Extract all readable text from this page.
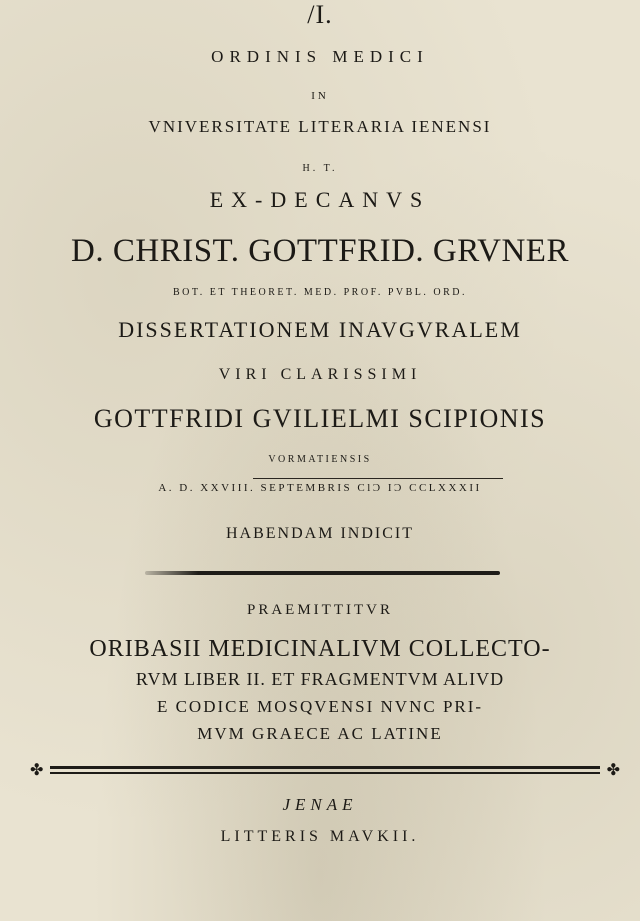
/I.
ORDINIS MEDICI
IN
VNIVERSITATE LITERARIA IENENSI
H. T.
EX-DECANVS
D. CHRIST. GOTTFRID. GRVNER
BOT. ET THEORET. MED. PROF. PVBL. ORD.
DISSERTATIONEM INAVGVRALEM
VIRI CLARISSIMI
GOTTFRIDI GVILIELMI SCIPIONIS
VORMATIENSIS
A. D. XXVIII. SEPTEMBRIS ClƆ IƆ CCLXXXII
HABENDAM INDICIT
PRAEMITTITVR
ORIBASII MEDICINALIVM COLLECTO-
RVM LIBER II. ET FRAGMENTVM ALIVD
E CODICE MOSQVENSI NVNC PRI-
MVM GRAECE AC LATINE
✤	✤
JENAE
LITTERIS MAVKII.
